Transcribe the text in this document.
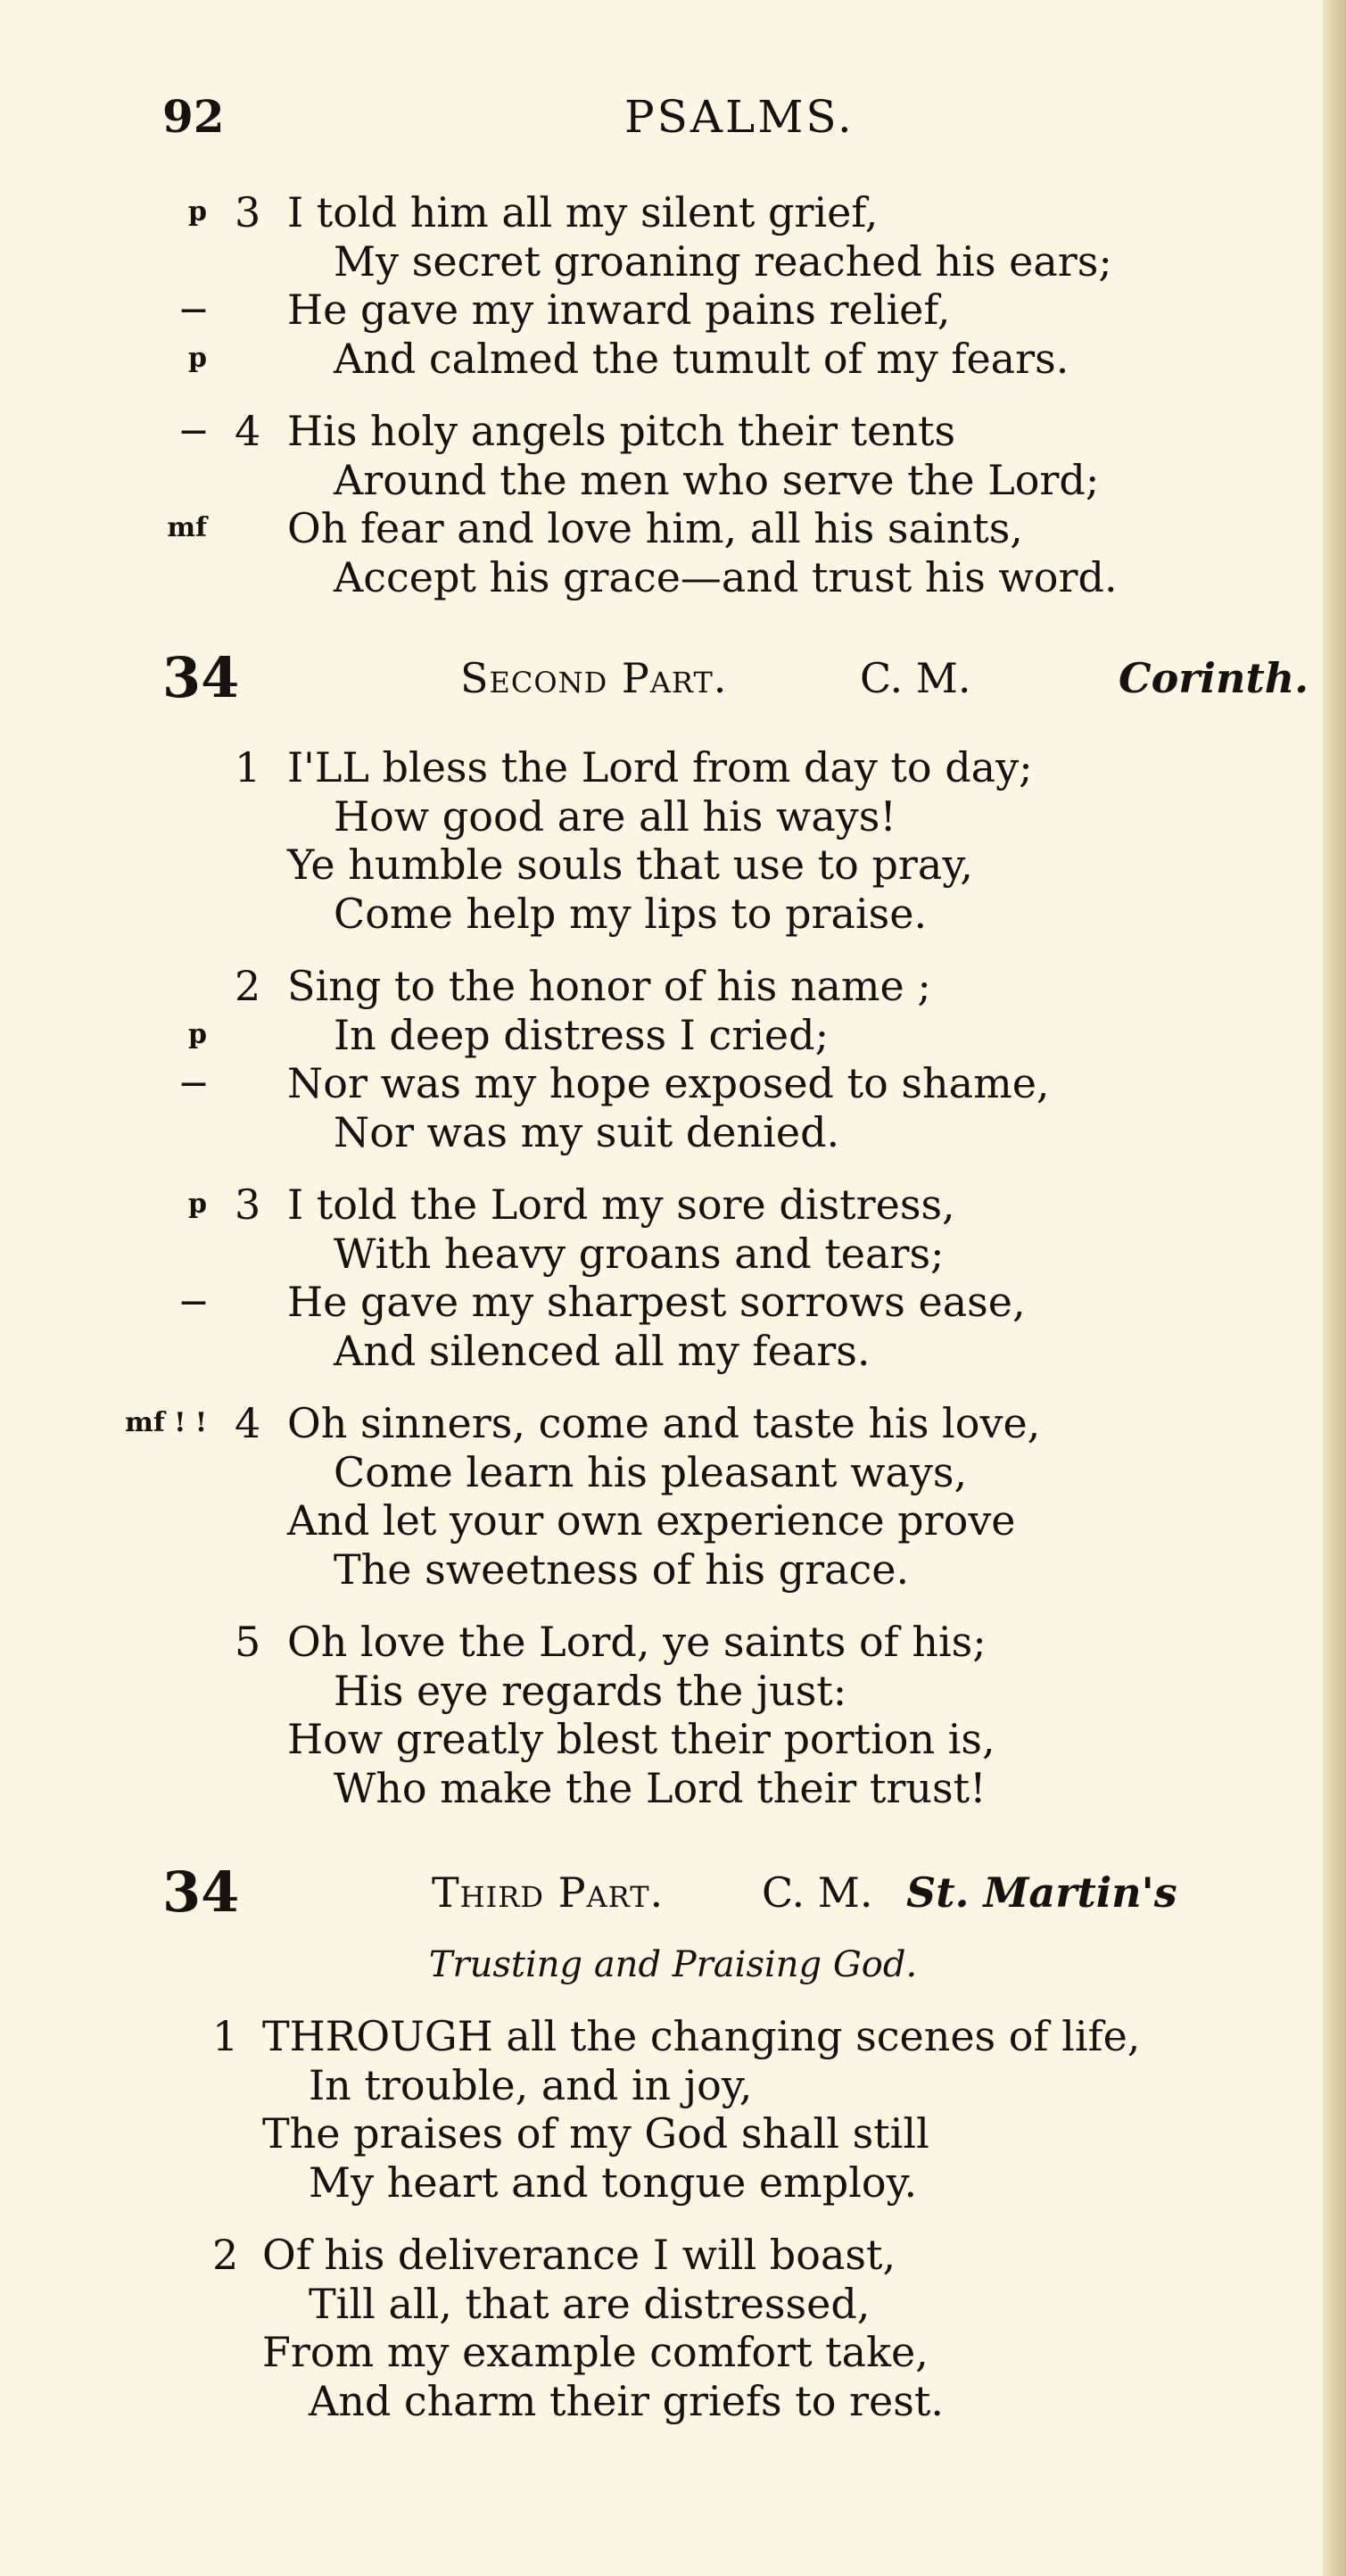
92	PSALMS.
p 3 I told him all my silent grief,
My secret groaning reached his ears;
— He gave my inward pains relief,
p	And calmed the tumult of my fears.
— 4 His holy angels pitch their tents
Around the men who serve the Lord;
mf Oh fear and love him, all his saints,
Accept his grace—and trust his word.
34	Second Part.	C. M.	Corinth.
1 I'LL bless the Lord from day to day;
How good are all his ways!
Ye humble souls that use to pray,
Come help my lips to praise.
2 Sing to the honor of his name ;
p	In deep distress I cried;
— Nor was my hope exposed to shame,
Nor was my suit denied.
p 3 I told the Lord my sore distress,
With heavy groans and tears;
— He gave my sharpest sorrows ease,
And silenced all my fears.
mf ! ! 4 Oh sinners, come and taste his love,
Come learn his pleasant ways,
And let your own experience prove
The sweetness of his grace.
5 Oh love the Lord, ye saints of his;
His eye regards the just:
How greatly blest their portion is,
Who make the Lord their trust!
34	Third Part. C. M. St. Martin's
Trusting and Praising God.
1 THROUGH all the changing scenes of life,
In trouble, and in joy,
The praises of my God shall still
My heart and tongue employ.
2 Of his deliverance I will boast,
Till all, that are distressed,
From my example comfort take,
And charm their griefs to rest.
